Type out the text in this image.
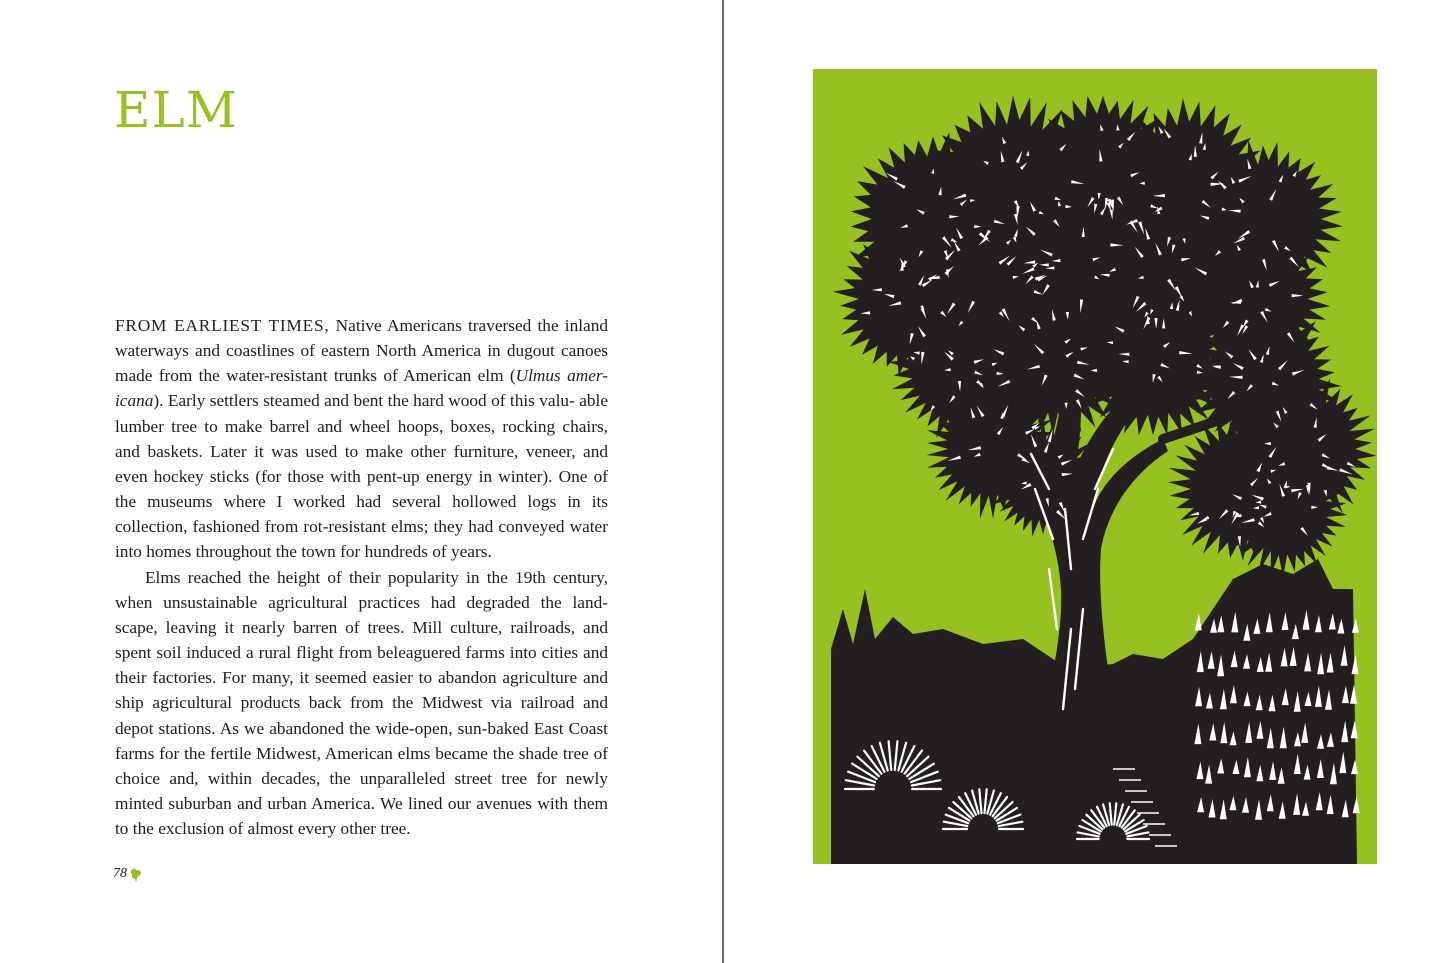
ELM

FROM EARLIEST TIMES, Native Americans traversed the inland waterways and coastlines of eastern North America in dugout canoes made from the water-resistant trunks of American elm (Ulmus amer- icana). Early settlers steamed and bent the hard wood of this valu- able lumber tree to make barrel and wheel hoops, boxes, rocking chairs, and baskets. Later it was used to make other furniture, veneer, and even hockey sticks (for those with pent-up energy in winter). One of the museums where I worked had several hollowed logs in its collection, fashioned from rot-resistant elms; they had conveyed water into homes throughout the town for hundreds of years.

Elms reached the height of their popularity in the 19th century, when unsustainable agricultural practices had degraded the land- scape, leaving it nearly barren of trees. Mill culture, railroads, and spent soil induced a rural flight from beleaguered farms into cities and their factories. For many, it seemed easier to abandon agriculture and ship agricultural products back from the Midwest via railroad and depot stations. As we abandoned the wide-open, sun-baked East Coast farms for the fertile Midwest, American elms became the shade tree of choice and, within decades, the unparalleled street tree for newly minted suburban and urban America. We lined our avenues with them to the exclusion of almost every other tree.

78
